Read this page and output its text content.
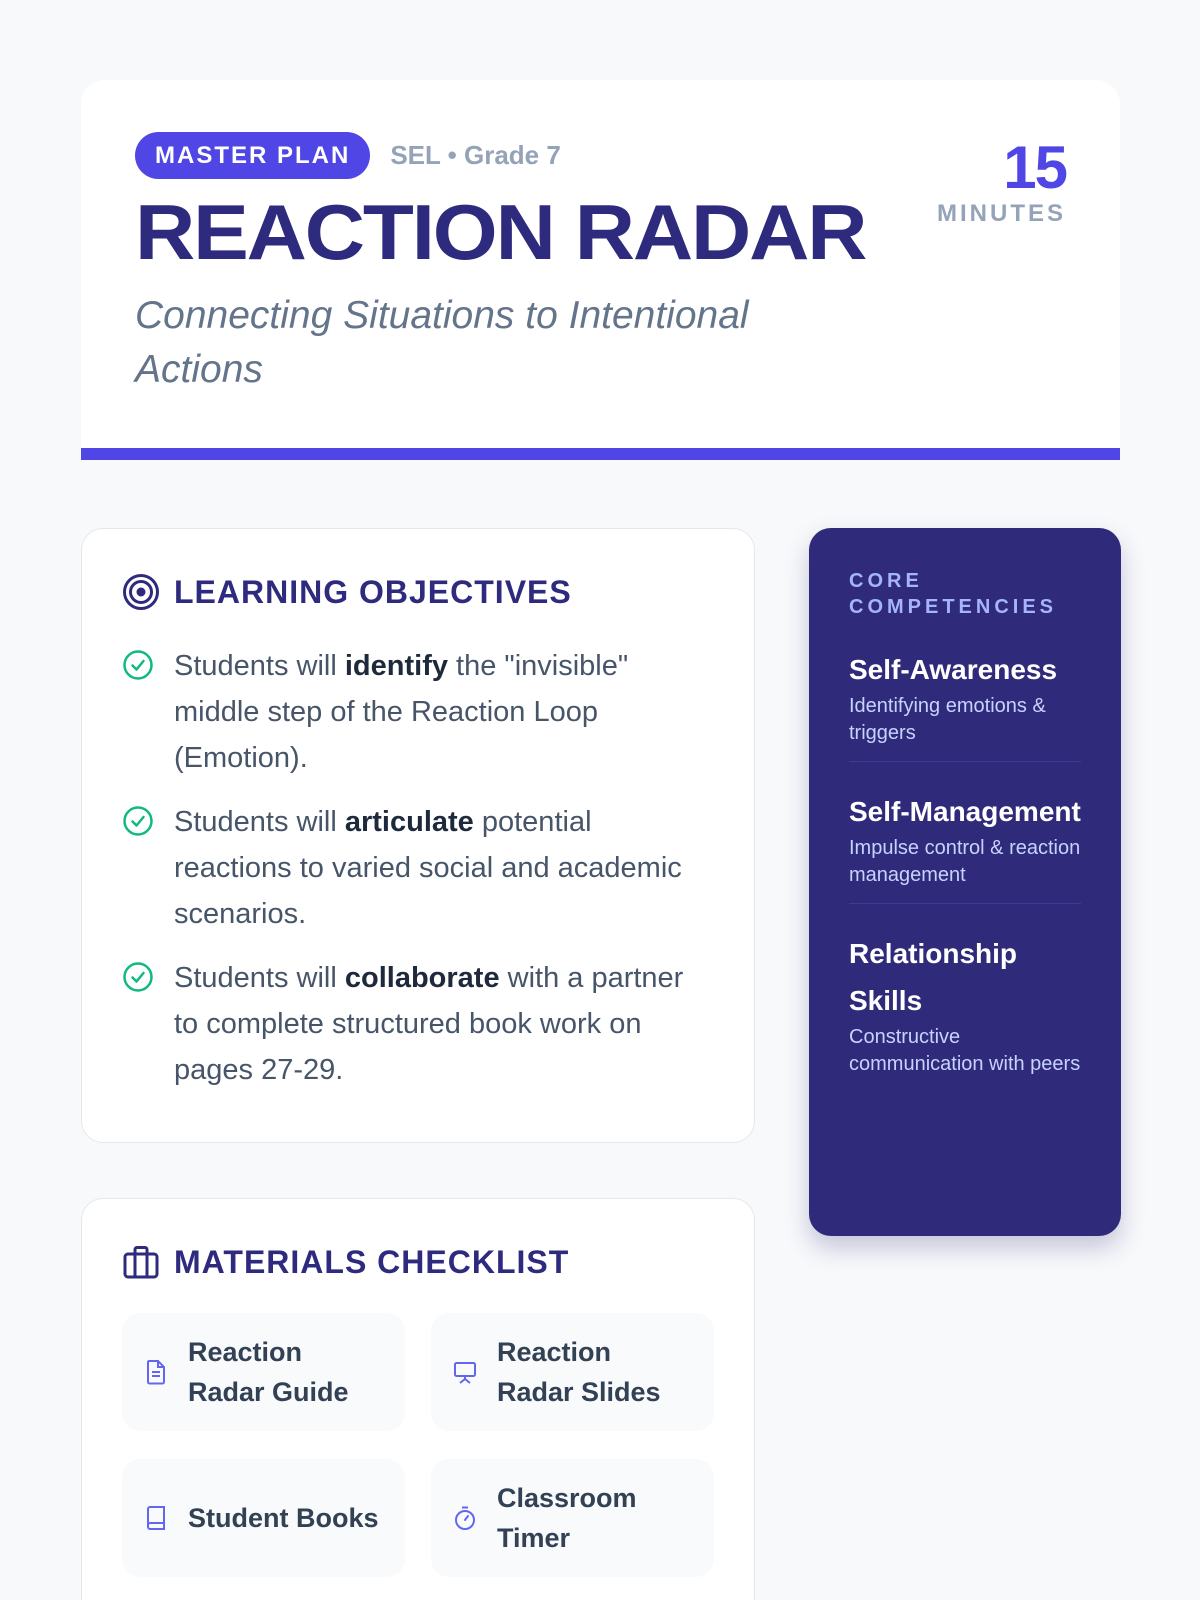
MASTER PLAN	SEL • Grade 7
REACTION RADAR

Connecting Situations to Intentional Actions

15
MINUTES
LEARNING OBJECTIVES

Students will identify the "invisible" middle step of the Reaction Loop (Emotion).

Students will articulate potential reactions to varied social and academic scenarios.

Students will collaborate with a partner to complete structured book work on pages 27-29.

CORE COMPETENCIES
Self-Awareness
Identifying emotions & triggers
Self-Management
Impulse control & reaction management
Relationship Skills
Constructive communication with peers
MATERIALS CHECKLIST
Reaction Radar Guide
Reaction Radar Slides
Student Books
Classroom Timer
